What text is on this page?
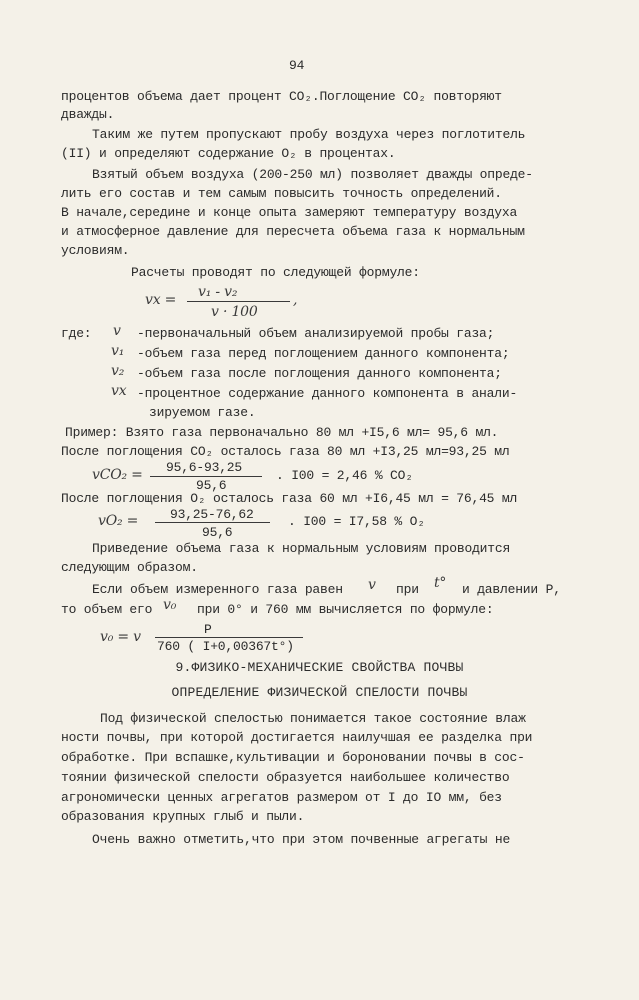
94
процентов объема дает процент CO₂.Поглощение CO₂ повторяют
дважды.
Таким же путем пропускают пробу воздуха через поглотитель
(II) и определяют содержание O₂ в процентах.
Взятый объем воздуха (200-250 мл) позволяет дважды опреде-
лить его состав и тем самым повысить точность определений.
В начале,середине и конце опыта замеряют температуру воздуха
и атмосферное давление для пересчета объема газа к нормальным
условиям.
Расчеты проводят по следующей формуле:
vx = v₁ - v₂	,
v · 100
где: v -первоначальный объем анализируемой пробы газа;
v₁ -объем газа перед поглощением данного компонента;
v₂ -объем газа после поглощения данного компонента;
vx -процентное содержание данного компонента в анали-
зируемом газе.
Пример: Взято газа первоначально 80 мл +I5,6 мл= 95,6 мл.
После поглощения CO₂ осталось газа 80 мл +I3,25 мл=93,25 мл
vCO₂ = 95,6-93,25
95,6
. I00 = 2,46 % CO₂
После поглощения O₂ осталось газа 60 мл +I6,45 мл = 76,45 мл
vO₂ = 93,25-76,62
95,6
. I00 = I7,58 % O₂
Приведение объема газа к нормальным условиям проводится
следующим образом.
Если объем измеренного газа равен v при t° и давлении P,
то объем его v₀ при 0° и 760 мм вычисляется по формуле:
v₀ = v	P
760 ( I+0,00367t°)
9.ФИЗИКО-МЕХАНИЧЕСКИЕ СВОЙСТВА ПОЧВЫ
ОПРЕДЕЛЕНИЕ ФИЗИЧЕСКОЙ СПЕЛОСТИ ПОЧВЫ
Под физической спелостью понимается такое состояние влаж
ности почвы, при которой достигается наилучшая ее разделка при
обработке. При вспашке,культивации и бороновании почвы в сос-
тоянии физической спелости образуется наибольшее количество
агрономически ценных агрегатов размером от I до IO мм, без
образования крупных глыб и пыли.
Очень важно отметить,что при этом почвенные агрегаты не
